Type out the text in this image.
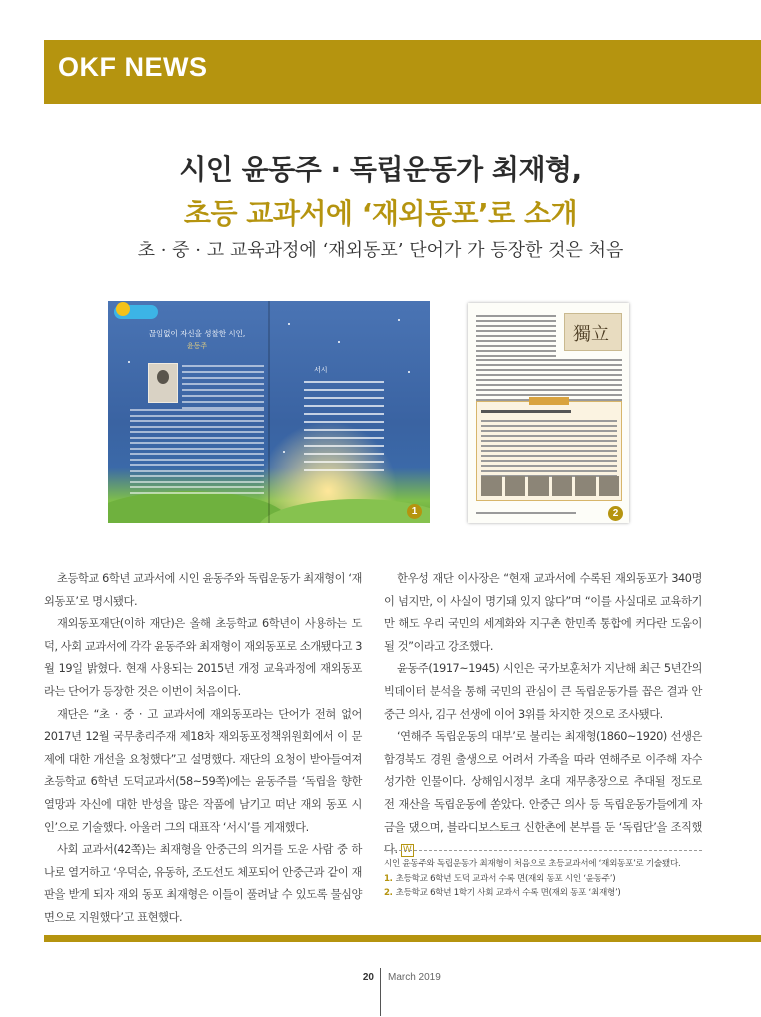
OKF NEWS
시인 윤동주 · 독립운동가 최재형,
초등 교과서에 ‘재외동포’로 소개
초 · 중 · 고 교육과정에 ‘재외동포’ 단어가 가 등장한 것은 처음
끊임없이 자신을 성찰한 시인,
윤동주
서시
1
獨立
2

초등학교 6학년 교과서에 시인 윤동주와 독립운동가 최재형이 ‘재외동포’로 명시됐다.

재외동포재단(이하 재단)은 올해 초등학교 6학년이 사용하는 도덕, 사회 교과서에 각각 윤동주와 최재형이 재외동포로 소개됐다고 3월 19일 밝혔다. 현재 사용되는 2015년 개정 교육과정에 재외동포라는 단어가 등장한 것은 이번이 처음이다.

재단은 “초 · 중 · 고 교과서에 재외동포라는 단어가 전혀 없어 2017년 12월 국무총리주재 제18차 재외동포정책위원회에서 이 문제에 대한 개선을 요청했다”고 설명했다. 재단의 요청이 받아들여져 초등학교 6학년 도덕교과서(58~59쪽)에는 윤동주를 ‘독립을 향한 열망과 자신에 대한 반성을 많은 작품에 남기고 떠난 재외 동포 시인’으로 기술했다. 아울러 그의 대표작 ‘서시’를 게재했다.

사회 교과서(42쪽)는 최재형을 안중근의 의거를 도운 사람 중 하나로 열거하고 ‘우덕순, 유동하, 조도선도 체포되어 안중근과 같이 재판을 받게 되자 재외 동포 최재형은 이들이 풀려날 수 있도록 물심양면으로 지원했다’고 표현했다.

한우성 재단 이사장은 “현재 교과서에 수록된 재외동포가 340명이 넘지만, 이 사실이 명기돼 있지 않다”며 “이를 사실대로 교육하기만 해도 우리 국민의 세계화와 지구촌 한민족 통합에 커다란 도움이 될 것”이라고 강조했다.

윤동주(1917~1945) 시인은 국가보훈처가 지난해 최근 5년간의 빅데이터 분석을 통해 국민의 관심이 큰 독립운동가를 꼽은 결과 안중근 의사, 김구 선생에 이어 3위를 차지한 것으로 조사됐다.

‘연해주 독립운동의 대부’로 불리는 최재형(1860~1920) 선생은 함경북도 경원 출생으로 어려서 가족을 따라 연해주로 이주해 자수성가한 인물이다. 상해임시정부 초대 재무총장으로 추대될 정도로 전 재산을 독립운동에 쏟았다. 안중근 의사 등 독립운동가들에게 자금을 댔으며, 블라디보스토크 신한촌에 본부를 둔 ‘독립단’을 조직했다. W

시인 윤동주와 독립운동가 최재형이 처음으로 초등교과서에 ‘재외동포’로 기술됐다.
1. 초등학교 6학년 도덕 교과서 수록 면(재외 동포 시인 ‘윤동주’)
2. 초등학교 6학년 1학기 사회 교과서 수록 면(재외 동포 ‘최재형’)
20 March 2019
